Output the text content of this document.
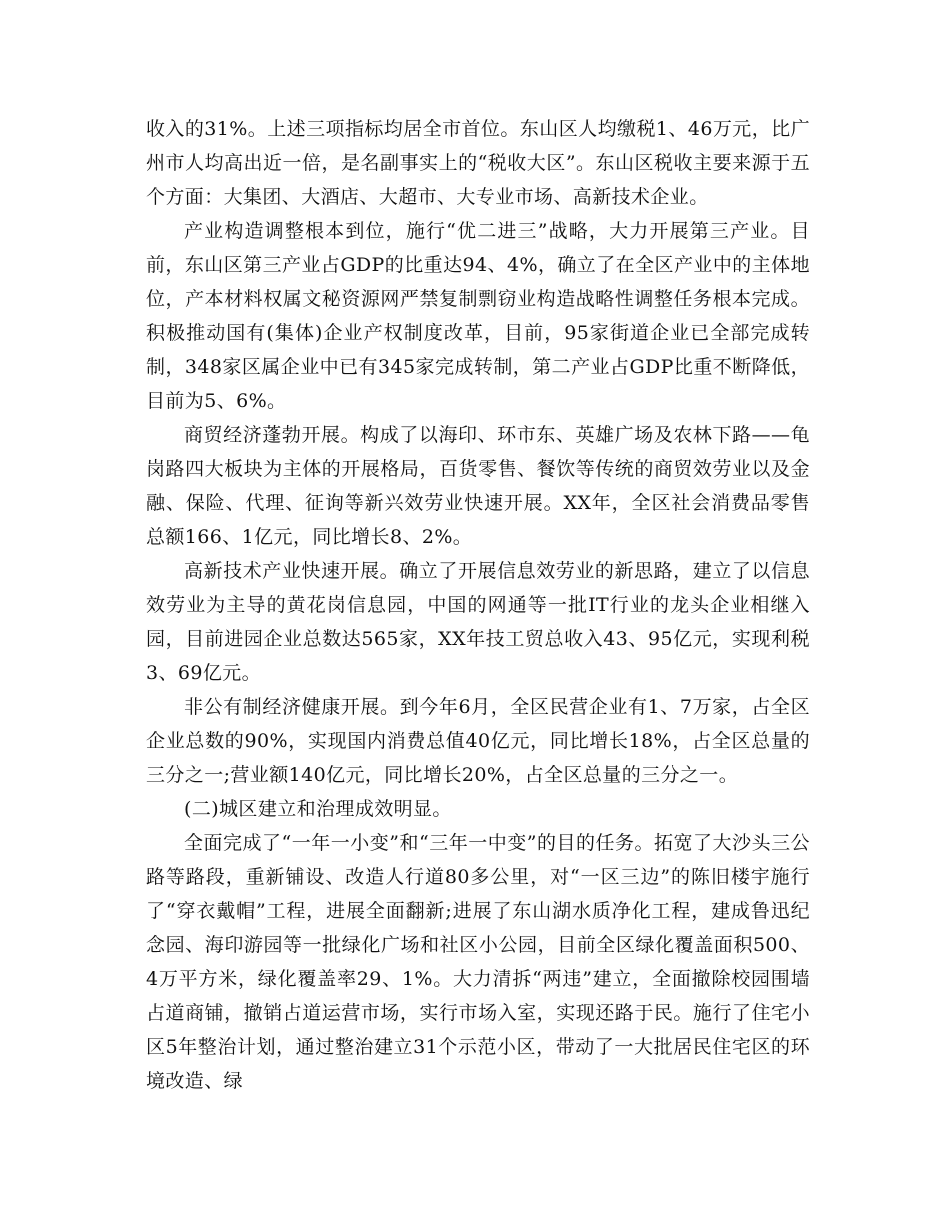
收入的31%。上述三项指标均居全市首位。东山区人均缴税1、46万元，比广州市人均高出近一倍，是名副事实上的“税收大区”。东山区税收主要来源于五个方面：大集团、大酒店、大超市、大专业市场、高新技术企业。

产业构造调整根本到位，施行“优二进三”战略，大力开展第三产业。目前，东山区第三产业占GDP的比重达94、4%，确立了在全区产业中的主体地位，产本材料权属文秘资源网严禁复制剽窃业构造战略性调整任务根本完成。积极推动国有(集体)企业产权制度改革，目前，95家街道企业已全部完成转制，348家区属企业中已有345家完成转制，第二产业占GDP比重不断降低，目前为5、6%。

商贸经济蓬勃开展。构成了以海印、环市东、英雄广场及农林下路——龟岗路四大板块为主体的开展格局，百货零售、餐饮等传统的商贸效劳业以及金融、保险、代理、征询等新兴效劳业快速开展。XX年，全区社会消费品零售总额166、1亿元，同比增长8、2%。

高新技术产业快速开展。确立了开展信息效劳业的新思路，建立了以信息效劳业为主导的黄花岗信息园，中国的网通等一批IT行业的龙头企业相继入园，目前进园企业总数达565家，XX年技工贸总收入43、95亿元，实现利税3、69亿元。

非公有制经济健康开展。到今年6月，全区民营企业有1、7万家，占全区企业总数的90%，实现国内消费总值40亿元，同比增长18%，占全区总量的三分之一;营业额140亿元，同比增长20%，占全区总量的三分之一。

(二)城区建立和治理成效明显。

全面完成了“一年一小变”和“三年一中变”的目的任务。拓宽了大沙头三公路等路段，重新铺设、改造人行道80多公里，对“一区三边”的陈旧楼宇施行了“穿衣戴帽”工程，进展全面翻新;进展了东山湖水质净化工程，建成鲁迅纪念园、海印游园等一批绿化广场和社区小公园，目前全区绿化覆盖面积500、4万平方米，绿化覆盖率29、1%。大力清拆“两违”建立，全面撤除校园围墙占道商铺，撤销占道运营市场，实行市场入室，实现还路于民。施行了住宅小区5年整治计划，通过整治建立31个示范小区，带动了一大批居民住宅区的环境改造、绿
